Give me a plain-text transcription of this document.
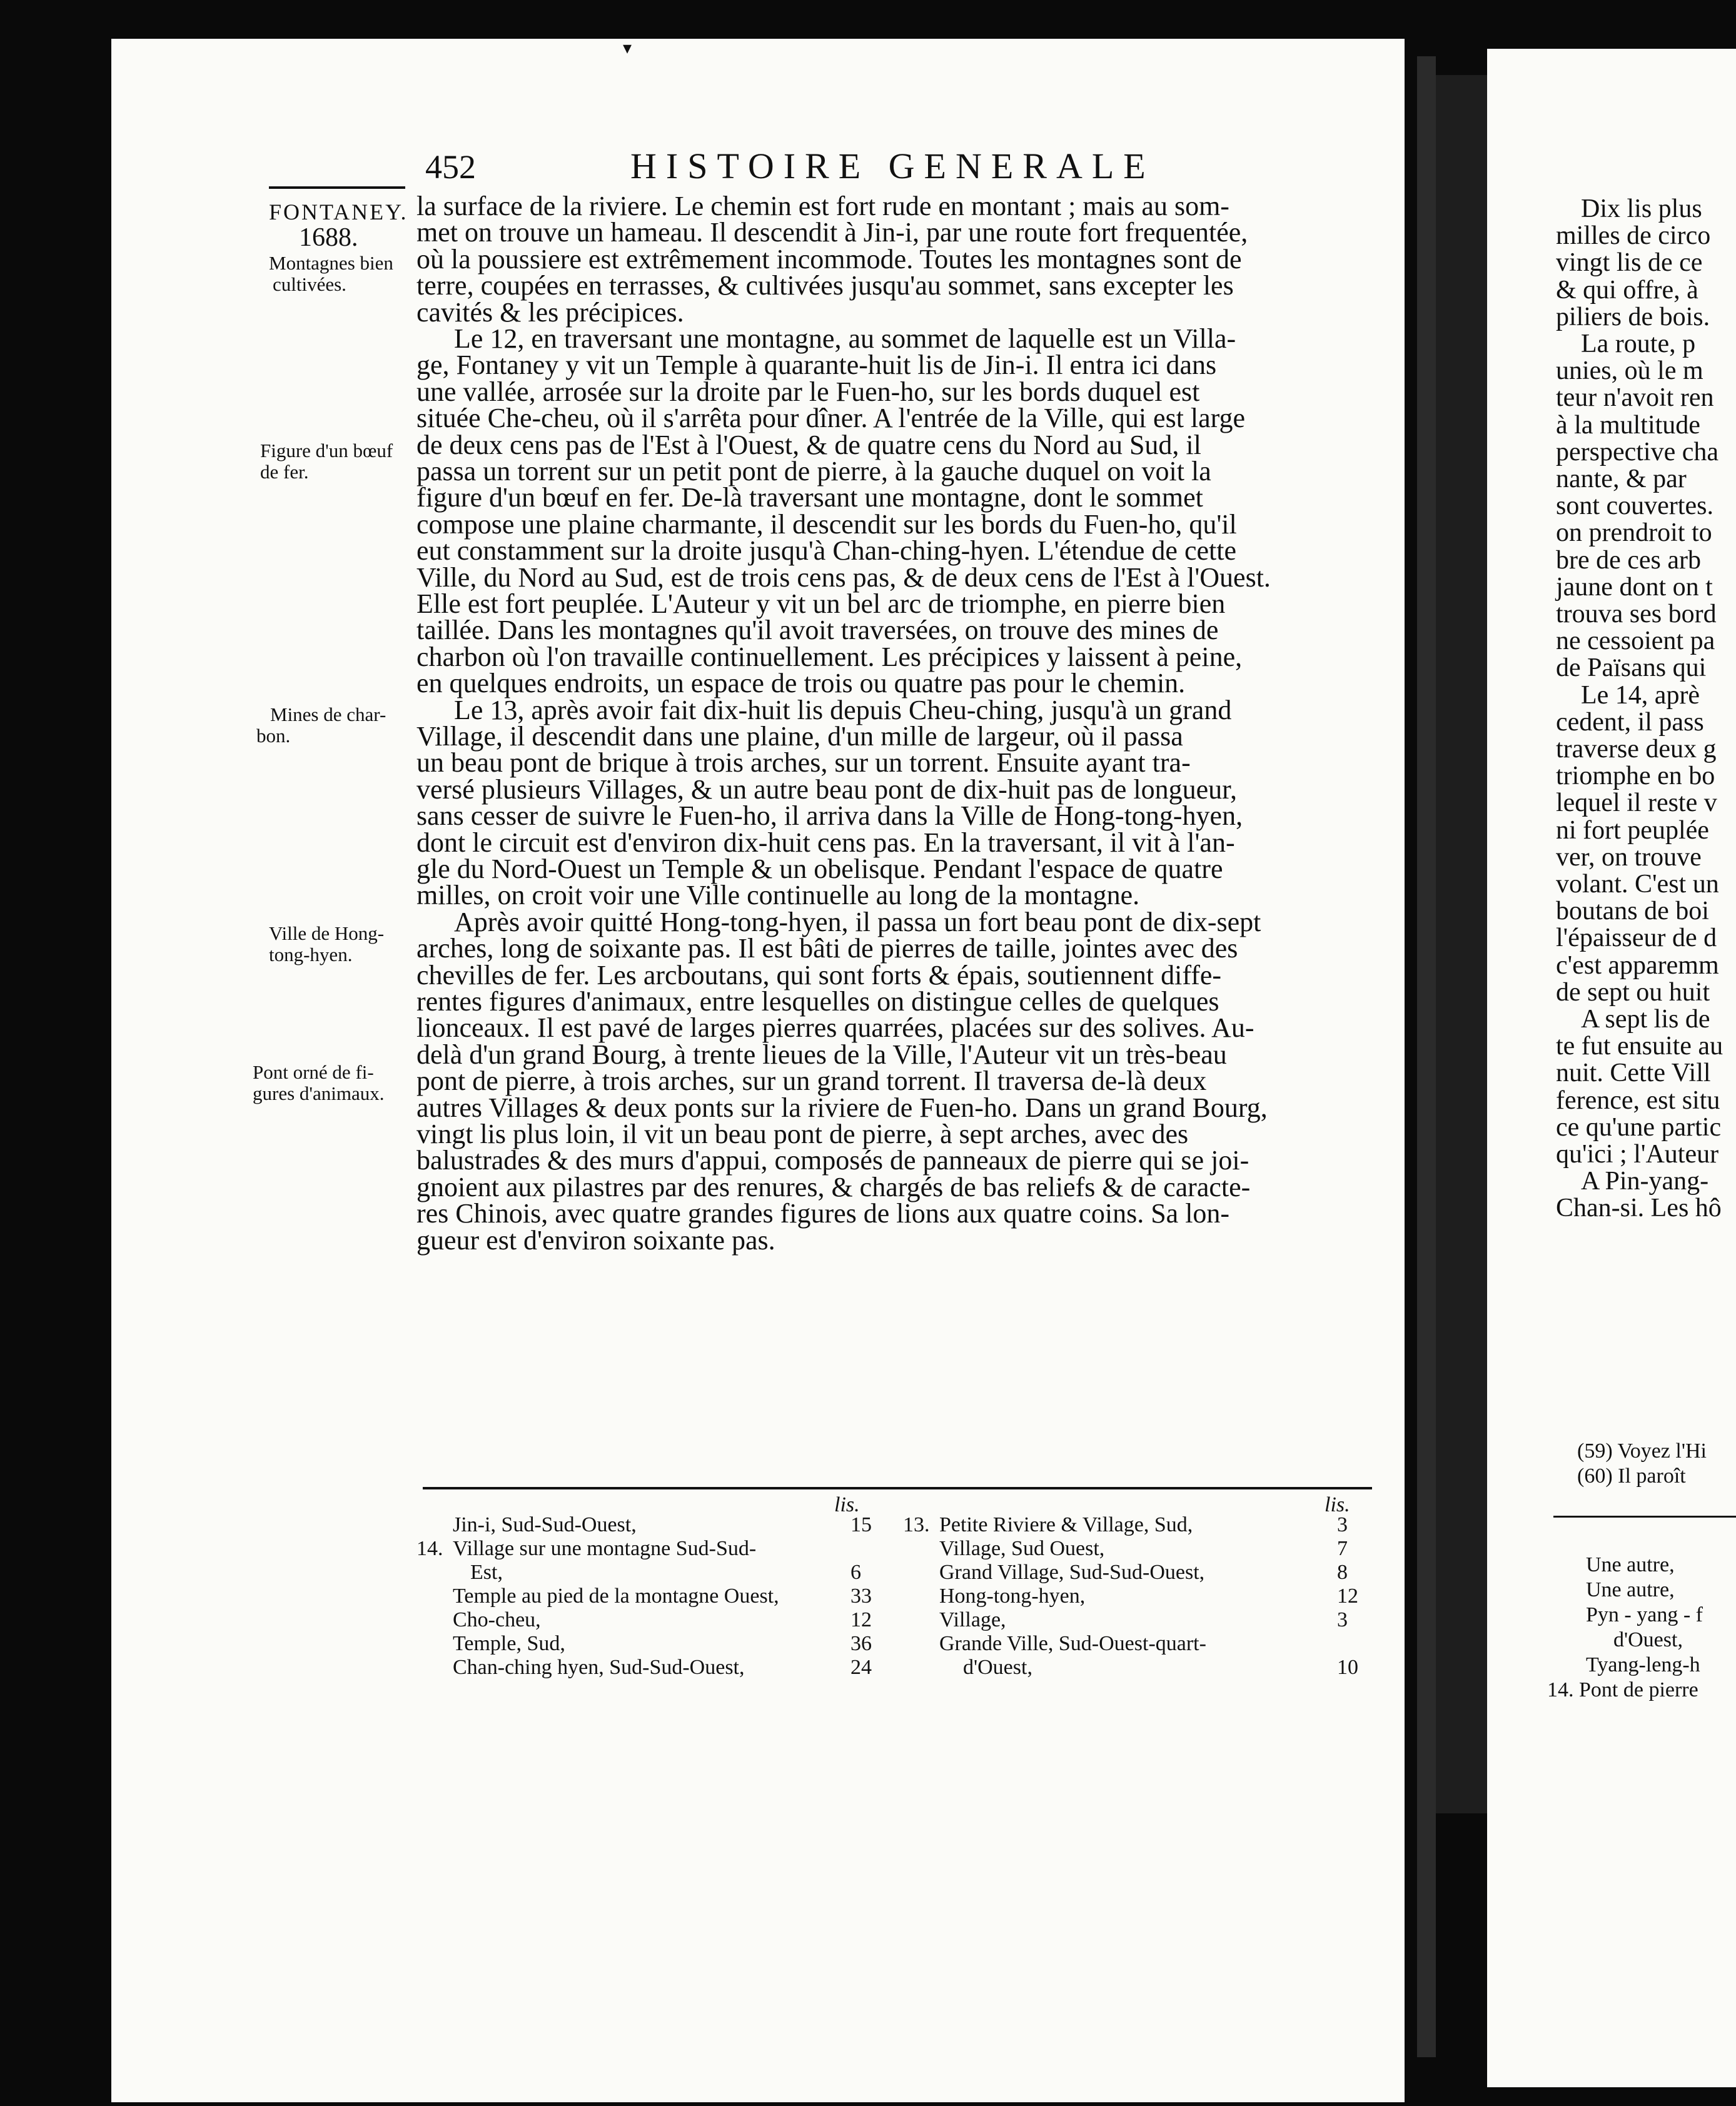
452	HISTOIRE GENERALE
FONTANEY.
1688.
Montagnes bien
cultivées.
Figure d'un bœuf
de fer.
Mines de char-
bon.
Ville de Hong-
tong-hyen.
Pont orné de fi-
gures d'animaux.
la surface de la riviere. Le chemin est fort rude en montant ; mais au som-
met on trouve un hameau. Il descendit à Jin-i, par une route fort frequentée,
où la poussiere est extrêmement incommode. Toutes les montagnes sont de
terre, coupées en terrasses, & cultivées jusqu'au sommet, sans excepter les
cavités & les précipices.
Le 12, en traversant une montagne, au sommet de laquelle est un Villa-
ge, Fontaney y vit un Temple à quarante-huit lis de Jin-i. Il entra ici dans
une vallée, arrosée sur la droite par le Fuen-ho, sur les bords duquel est
située Che-cheu, où il s'arrêta pour dîner. A l'entrée de la Ville, qui est large
de deux cens pas de l'Est à l'Ouest, & de quatre cens du Nord au Sud, il
passa un torrent sur un petit pont de pierre, à la gauche duquel on voit la
figure d'un bœuf en fer. De-là traversant une montagne, dont le sommet
compose une plaine charmante, il descendit sur les bords du Fuen-ho, qu'il
eut constamment sur la droite jusqu'à Chan-ching-hyen. L'étendue de cette
Ville, du Nord au Sud, est de trois cens pas, & de deux cens de l'Est à l'Ouest.
Elle est fort peuplée. L'Auteur y vit un bel arc de triomphe, en pierre bien
taillée. Dans les montagnes qu'il avoit traversées, on trouve des mines de
charbon où l'on travaille continuellement. Les précipices y laissent à peine,
en quelques endroits, un espace de trois ou quatre pas pour le chemin.
Le 13, après avoir fait dix-huit lis depuis Cheu-ching, jusqu'à un grand
Village, il descendit dans une plaine, d'un mille de largeur, où il passa
un beau pont de brique à trois arches, sur un torrent. Ensuite ayant tra-
versé plusieurs Villages, & un autre beau pont de dix-huit pas de longueur,
sans cesser de suivre le Fuen-ho, il arriva dans la Ville de Hong-tong-hyen,
dont le circuit est d'environ dix-huit cens pas. En la traversant, il vit à l'an-
gle du Nord-Ouest un Temple & un obelisque. Pendant l'espace de quatre
milles, on croit voir une Ville continuelle au long de la montagne.
Après avoir quitté Hong-tong-hyen, il passa un fort beau pont de dix-sept
arches, long de soixante pas. Il est bâti de pierres de taille, jointes avec des
chevilles de fer. Les arcboutans, qui sont forts & épais, soutiennent diffe-
rentes figures d'animaux, entre lesquelles on distingue celles de quelques
lionceaux. Il est pavé de larges pierres quarrées, placées sur des solives. Au-
delà d'un grand Bourg, à trente lieues de la Ville, l'Auteur vit un très-beau
pont de pierre, à trois arches, sur un grand torrent. Il traversa de-là deux
autres Villages & deux ponts sur la riviere de Fuen-ho. Dans un grand Bourg,
vingt lis plus loin, il vit un beau pont de pierre, à sept arches, avec des
balustrades & des murs d'appui, composés de panneaux de pierre qui se joi-
gnoient aux pilastres par des renures, & chargés de bas reliefs & de caracte-
res Chinois, avec quatre grandes figures de lions aux quatre coins. Sa lon-
gueur est d'environ soixante pas.
lis.	lis.
Jin-i, Sud-Sud-Ouest,	15
14. Village sur une montagne Sud-Sud-
Est,	6
Temple au pied de la montagne Ouest,	33
Cho-cheu,	12
Temple, Sud,	36
Chan-ching hyen, Sud-Sud-Ouest,	24
13. Petite Riviere & Village, Sud,	3
Village, Sud Ouest,	7
Grand Village, Sud-Sud-Ouest,	8
Hong-tong-hyen,	12
Village,	3
Grande Ville, Sud-Ouest-quart-
d'Ouest,	10
Dix lis plus
milles de circo
vingt lis de ce
& qui offre, à
piliers de bois.
La route, p
unies, où le m
teur n'avoit ren
à la multitude
perspective cha
nante, & par
sont couvertes.
on prendroit to
bre de ces arb
jaune dont on t
trouva ses bord
ne cessoient pa
de Païsans qui
Le 14, aprè
cedent, il pass
traverse deux g
triomphe en bo
lequel il reste v
ni fort peuplée
ver, on trouve
volant. C'est un
boutans de boi
l'épaisseur de d
c'est apparemm
de sept ou huit
A sept lis de
te fut ensuite au
nuit. Cette Vill
ference, est situ
ce qu'une partic
qu'ici ; l'Auteur
A Pin-yang-
Chan-si. Les hô
(59) Voyez l'Hi
(60) Il paroît
Une autre,
Une autre,
Pyn - yang - f
d'Ouest,
Tyang-leng-h
14. Pont de pierre
▾
